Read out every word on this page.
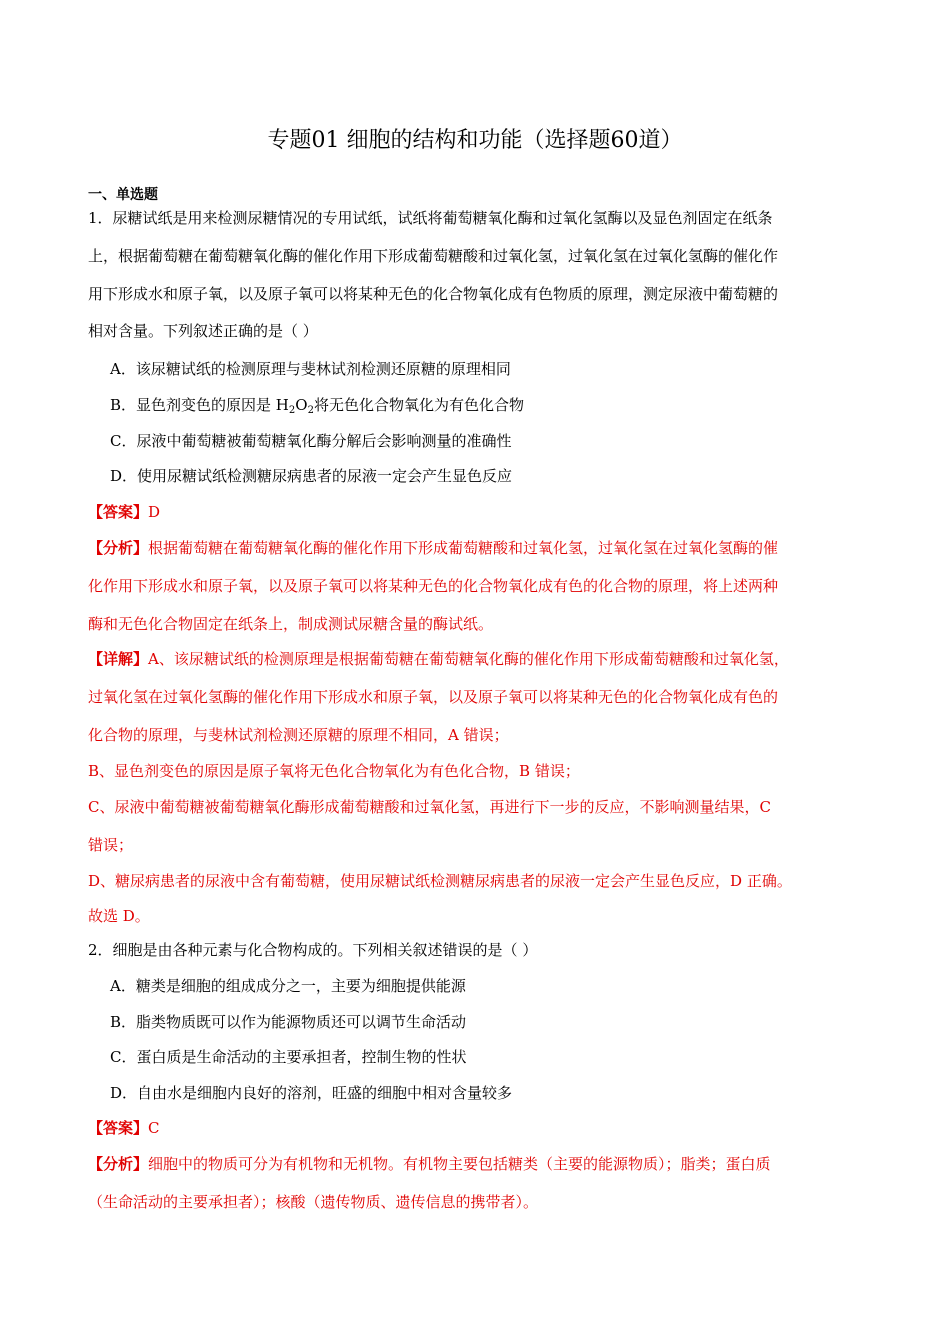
专题01 细胞的结构和功能（选择题60道）
一、单选题
1．尿糖试纸是用来检测尿糖情况的专用试纸，试纸将葡萄糖氧化酶和过氧化氢酶以及显色剂固定在纸条
上，根据葡萄糖在葡萄糖氧化酶的催化作用下形成葡萄糖酸和过氧化氢，过氧化氢在过氧化氢酶的催化作
用下形成水和原子氧，以及原子氧可以将某种无色的化合物氧化成有色物质的原理，测定尿液中葡萄糖的
相对含量。下列叙述正确的是（ ）
A．该尿糖试纸的检测原理与斐林试剂检测还原糖的原理相同
B．显色剂变色的原因是 $H_2O_2$将无色化合物氧化为有色化合物
C．尿液中葡萄糖被葡萄糖氧化酶分解后会影响测量的准确性
D．使用尿糖试纸检测糖尿病患者的尿液一定会产生显色反应
【答案】D
【分析】根据葡萄糖在葡萄糖氧化酶的催化作用下形成葡萄糖酸和过氧化氢，过氧化氢在过氧化氢酶的催
化作用下形成水和原子氧，以及原子氧可以将某种无色的化合物氧化成有色的化合物的原理，将上述两种
酶和无色化合物固定在纸条上，制成测试尿糖含量的酶试纸。
【详解】A、该尿糖试纸的检测原理是根据葡萄糖在葡萄糖氧化酶的催化作用下形成葡萄糖酸和过氧化氢，
过氧化氢在过氧化氢酶的催化作用下形成水和原子氧，以及原子氧可以将某种无色的化合物氧化成有色的
化合物的原理，与斐林试剂检测还原糖的原理不相同，A 错误；
B、显色剂变色的原因是原子氧将无色化合物氧化为有色化合物，B 错误；
C、尿液中葡萄糖被葡萄糖氧化酶形成葡萄糖酸和过氧化氢，再进行下一步的反应，不影响测量结果，C
错误；
D、糖尿病患者的尿液中含有葡萄糖，使用尿糖试纸检测糖尿病患者的尿液一定会产生显色反应，D 正确。
故选 D。
2．细胞是由各种元素与化合物构成的。下列相关叙述错误的是（ ）
A．糖类是细胞的组成成分之一，主要为细胞提供能源
B．脂类物质既可以作为能源物质还可以调节生命活动
C．蛋白质是生命活动的主要承担者，控制生物的性状
D．自由水是细胞内良好的溶剂，旺盛的细胞中相对含量较多
【答案】C
【分析】细胞中的物质可分为有机物和无机物。有机物主要包括糖类（主要的能源物质）；脂类；蛋白质
（生命活动的主要承担者）；核酸（遗传物质、遗传信息的携带者）。
